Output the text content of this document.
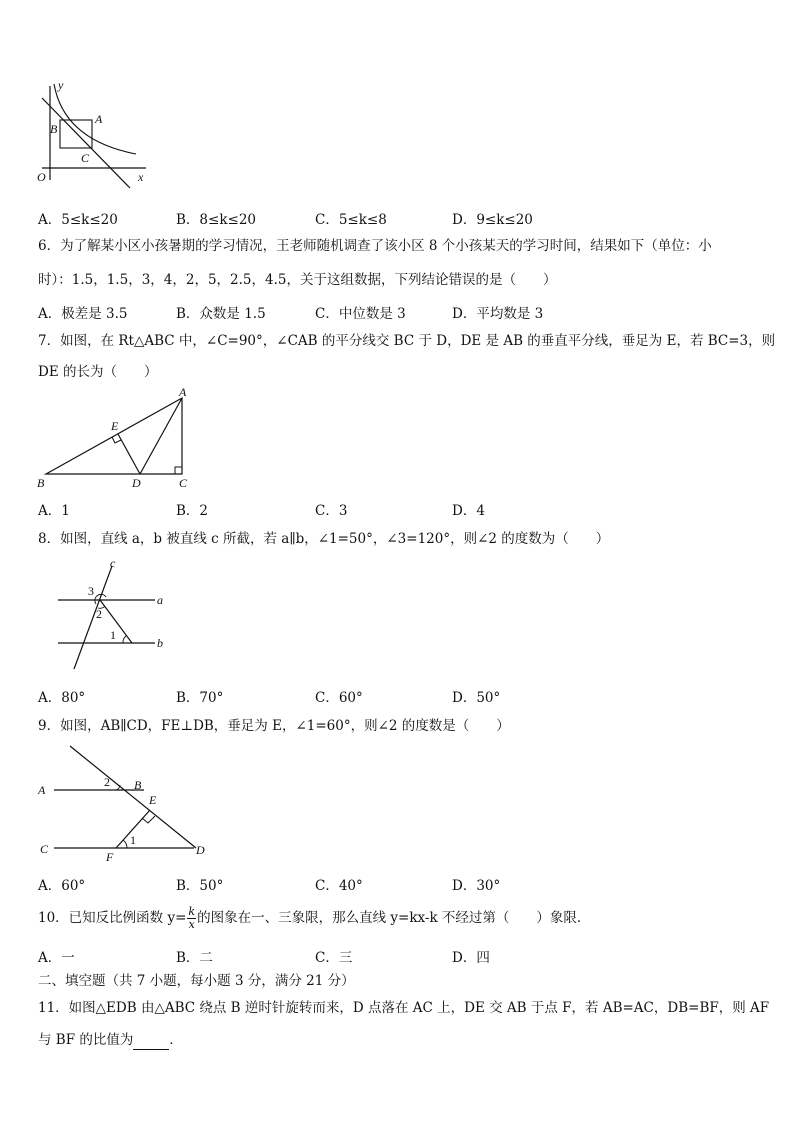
y
x
O
A
B
C
A．5≤k≤20	B．8≤k≤20	C．5≤k≤8	D．9≤k≤20
6．为了解某小区小孩暑期的学习情况，王老师随机调查了该小区 8 个小孩某天的学习时间，结果如下（单位：小
时）：1.5，1.5，3，4，2，5，2.5，4.5，关于这组数据，下列结论错误的是（　　）
A．极差是 3.5	B．众数是 1.5	C．中位数是 3	D．平均数是 3
7．如图，在 Rt△ABC 中，∠C=90°，∠CAB 的平分线交 BC 于 D，DE 是 AB 的垂直平分线，垂足为 E，若 BC=3，则
DE 的长为（　　）
A
B	C
D
E
A．1	B．2	C．3	D．4
8．如图，直线 a，b 被直线 c 所截，若 a∥b，∠1=50°，∠3=120°，则∠2 的度数为（　　）
c
a
b
3
2
1
A．80°	B．70°	C．60°	D．50°
9．如图，AB∥CD，FE⊥DB，垂足为 E，∠1=60°，则∠2 的度数是（　　）
A	B
C	D
E
F
1
2
A．60°	B．50°	C．40°	D．30°
10．已知反比例函数 $y= \frac{k}{x}$ 的图象在一、三象限，那么直线 y=kx-k 不经过第（　　）象限．
A．一	B．二	C．三	D．四
二、填空题（共 7 小题，每小题 3 分，满分 21 分）
11．如图△EDB 由△ABC 绕点 B 逆时针旋转而来，D 点落在 AC 上，DE 交 AB 于点 F，若 AB=AC，DB=BF，则 AF
与 BF 的比值为	．
